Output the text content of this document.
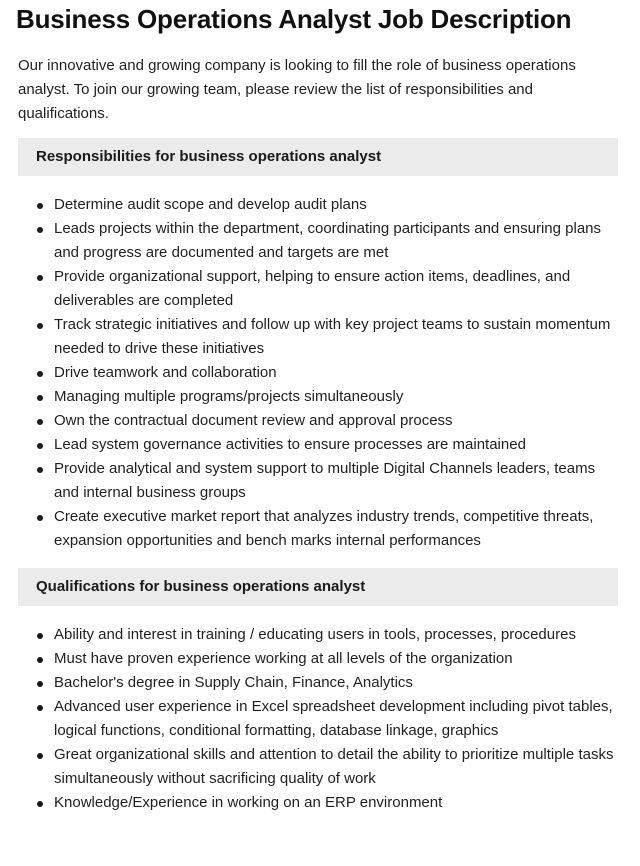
Business Operations Analyst Job Description

Our innovative and growing company is looking to fill the role of business operations analyst. To join our growing team, please review the list of responsibilities and qualifications.

Responsibilities for business operations analyst
Determine audit scope and develop audit plans
Leads projects within the department, coordinating participants and ensuring plans and progress are documented and targets are met
Provide organizational support, helping to ensure action items, deadlines, and deliverables are completed
Track strategic initiatives and follow up with key project teams to sustain momentum needed to drive these initiatives
Drive teamwork and collaboration
Managing multiple programs/projects simultaneously
Own the contractual document review and approval process
Lead system governance activities to ensure processes are maintained
Provide analytical and system support to multiple Digital Channels leaders, teams and internal business groups
Create executive market report that analyzes industry trends, competitive threats, expansion opportunities and bench marks internal performances
Qualifications for business operations analyst
Ability and interest in training / educating users in tools, processes, procedures
Must have proven experience working at all levels of the organization
Bachelor's degree in Supply Chain, Finance, Analytics
Advanced user experience in Excel spreadsheet development including pivot tables, logical functions, conditional formatting, database linkage, graphics
Great organizational skills and attention to detail the ability to prioritize multiple tasks simultaneously without sacrificing quality of work
Knowledge/Experience in working on an ERP environment
